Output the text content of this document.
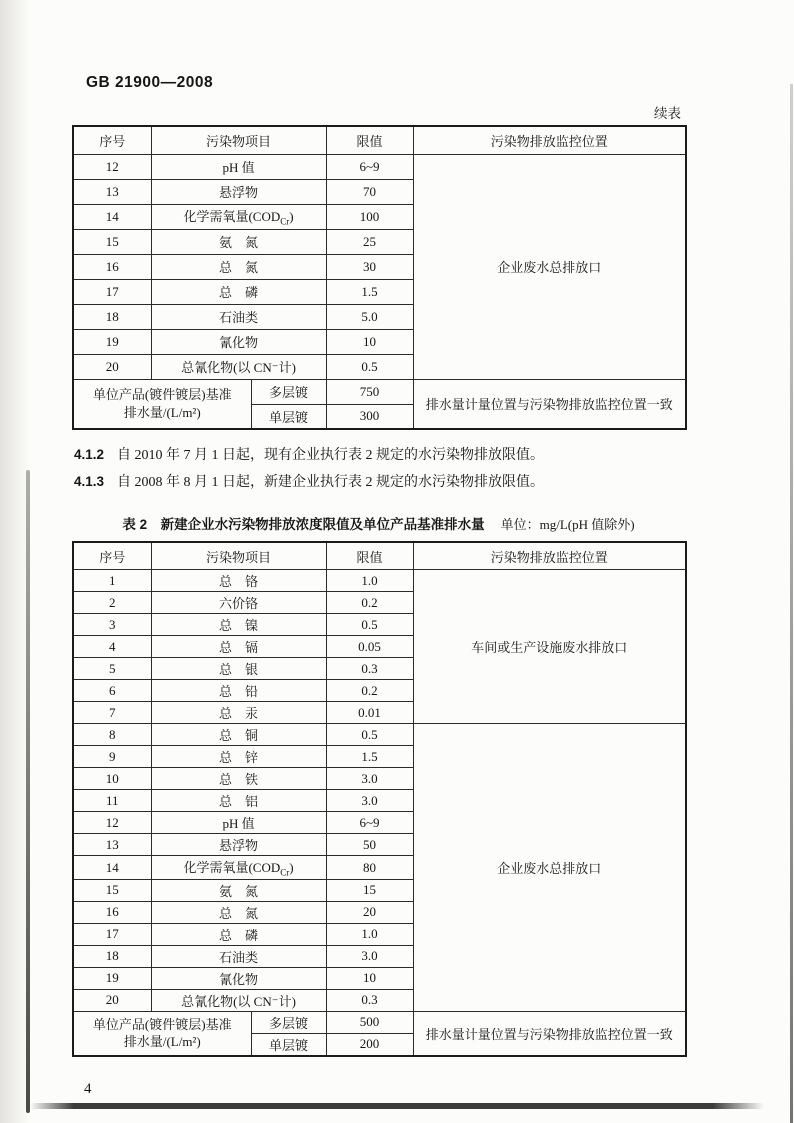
GB 21900—2008
续表
序号	污染物项目		限值	污染物排放监控位置
12	pH 值		6~9	企业废水总排放口
13	悬浮物		70	
14	化学需氧量$(COD_{Cr})$		100	
15	氨　氮		25	
16	总　氮		30	
17	总　磷		1.5	
18	石油类		5.0	
19	氰化物		10	
20	总氰化物(以 CN⁻计)		0.5	
单位产品(镀件镀层)基准
排水量/(L/m²)		多层镀	750	排水量计量位置与污染物排放监控位置一致
		单层镀	300	

4.1.2 自 2010 年 7 月 1 日起，现有企业执行表 2 规定的水污染物排放限值。

4.1.3 自 2008 年 8 月 1 日起，新建企业执行表 2 规定的水污染物排放限值。

表 2　新建企业水污染物排放浓度限值及单位产品基准排水量 单位：mg/L(pH 值除外)
序号	污染物项目		限值	污染物排放监控位置
1	总　铬		1.0	车间或生产设施废水排放口
2	六价铬		0.2	
3	总　镍		0.5	
4	总　镉		0.05	
5	总　银		0.3	
6	总　铅		0.2	
7	总　汞		0.01	
8	总　铜		0.5	企业废水总排放口
9	总　锌		1.5	
10	总　铁		3.0	
11	总　铝		3.0	
12	pH 值		6~9	
13	悬浮物		50	
14	化学需氧量$(COD_{Cr})$		80	
15	氨　氮		15	
16	总　氮		20	
17	总　磷		1.0	
18	石油类		3.0	
19	氰化物		10	
20	总氰化物(以 CN⁻计)		0.3	
单位产品(镀件镀层)基准
排水量/(L/m²)		多层镀	500	排水量计量位置与污染物排放监控位置一致
		单层镀	200	
4
